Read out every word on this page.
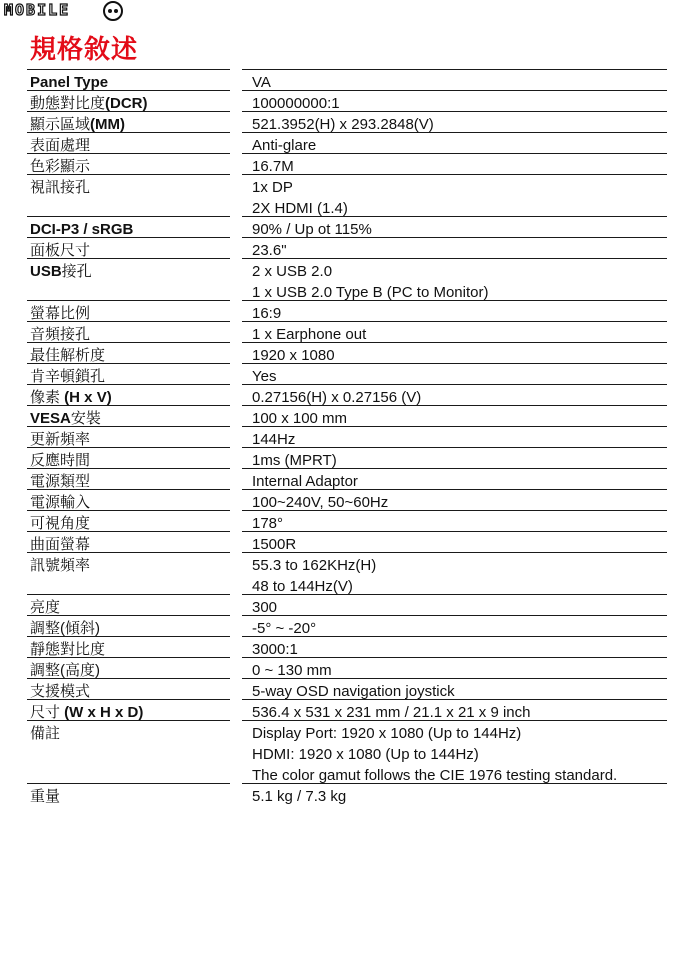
MOBILE
規格敘述
Panel Type	VA

動態對比度(DCR)	100000000:1

顯示區域(MM)	521.3952(H) x 293.2848(V)

表面處理	Anti-glare

色彩顯示	16.7M

視訊接孔	1x DP
2X HDMI (1.4)

DCI-P3 / sRGB	90% / Up ot 115%

面板尺寸	23.6"

USB接孔	2 x USB 2.0
1 x USB 2.0 Type B (PC to Monitor)

螢幕比例	16:9

音頻接孔	1 x Earphone out

最佳解析度	1920 x 1080

肯辛頓鎖孔	Yes

像素 (H x V)	0.27156(H) x 0.27156 (V)

VESA安裝	100 x 100 mm

更新頻率	144Hz

反應時間	1ms (MPRT)

電源類型	Internal Adaptor

電源輸入	100~240V, 50~60Hz

可視角度	178°

曲面螢幕	1500R

訊號頻率	55.3 to 162KHz(H)
48 to 144Hz(V)

亮度	300

調整(傾斜)	-5° ~ -20°

靜態對比度	3000:1

調整(高度)	0 ~ 130 mm

支援模式	5-way OSD navigation joystick

尺寸 (W x H x D)	536.4 x 531 x 231 mm / 21.1 x 21 x 9 inch

備註	Display Port: 1920 x 1080 (Up to 144Hz)
HDMI: 1920 x 1080 (Up to 144Hz)
The color gamut follows the CIE 1976 testing standard.

重量	5.1 kg / 7.3 kg
